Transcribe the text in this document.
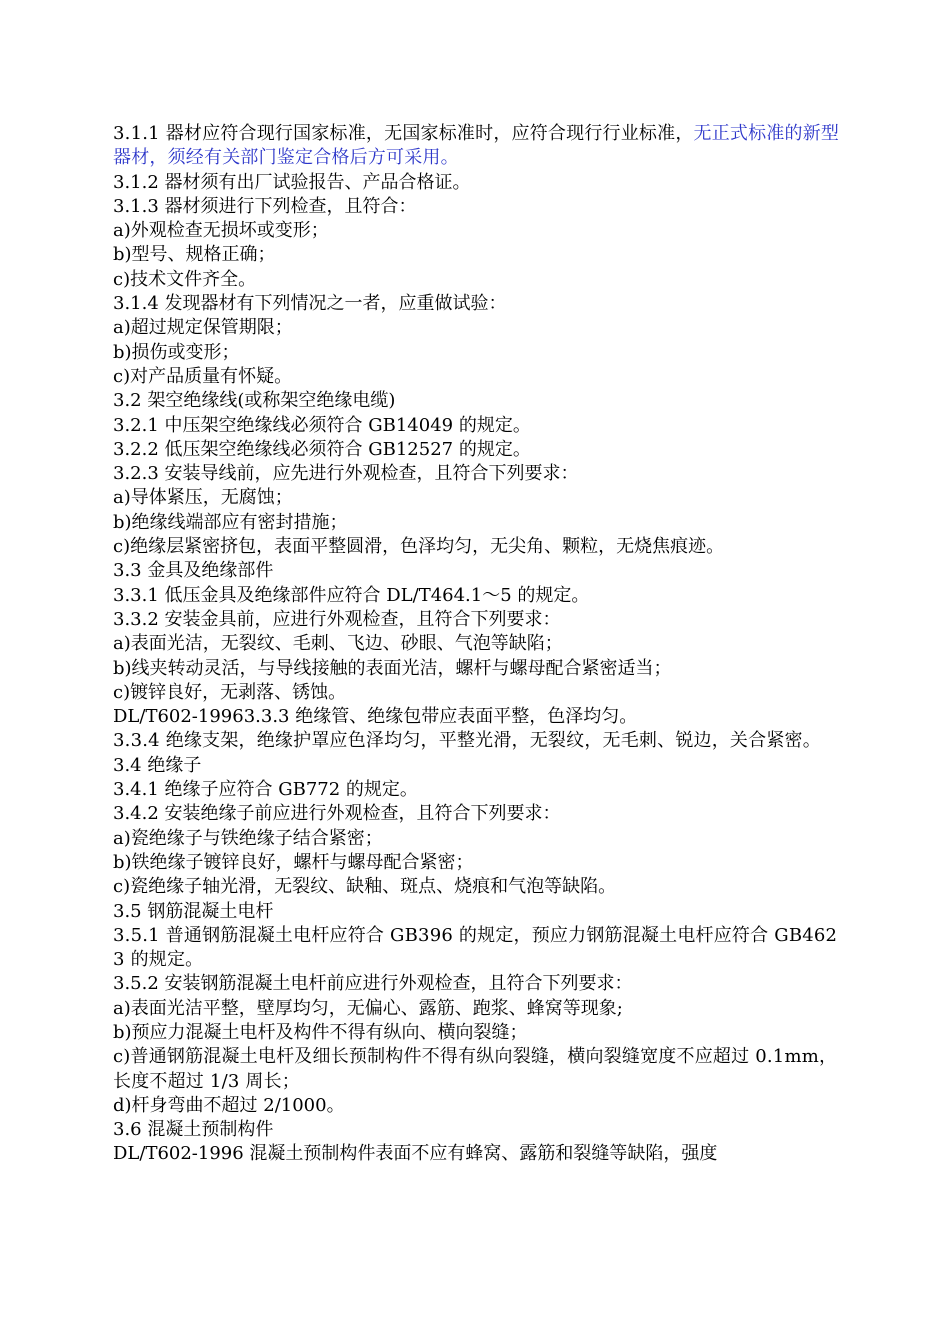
3.1.1 器材应符合现行国家标准，无国家标准时，应符合现行行业标准，无正式标准的新型器材，须经有关部门鉴定合格后方可采用。

3.1.2 器材须有出厂试验报告、产品合格证。

3.1.3 器材须进行下列检查，且符合：

a)外观检查无损坏或变形；

b)型号、规格正确；

c)技术文件齐全。

3.1.4 发现器材有下列情况之一者，应重做试验：

a)超过规定保管期限；

b)损伤或变形；

c)对产品质量有怀疑。

3.2 架空绝缘线(或称架空绝缘电缆)

3.2.1 中压架空绝缘线必须符合 GB14049 的规定。

3.2.2 低压架空绝缘线必须符合 GB12527 的规定。

3.2.3 安装导线前，应先进行外观检查，且符合下列要求：

a)导体紧压，无腐蚀；

b)绝缘线端部应有密封措施；

c)绝缘层紧密挤包，表面平整圆滑，色泽均匀，无尖角、颗粒，无烧焦痕迹。

3.3 金具及绝缘部件

3.3.1 低压金具及绝缘部件应符合 DL/T464.1～5 的规定。

3.3.2 安装金具前，应进行外观检查，且符合下列要求：

a)表面光洁，无裂纹、毛刺、飞边、砂眼、气泡等缺陷；

b)线夹转动灵活，与导线接触的表面光洁，螺杆与螺母配合紧密适当；

c)镀锌良好，无剥落、锈蚀。

DL/T602-19963.3.3 绝缘管、绝缘包带应表面平整，色泽均匀。

3.3.4 绝缘支架，绝缘护罩应色泽均匀，平整光滑，无裂纹，无毛刺、锐边，关合紧密。

3.4 绝缘子

3.4.1 绝缘子应符合 GB772 的规定。

3.4.2 安装绝缘子前应进行外观检查，且符合下列要求：

a)瓷绝缘子与铁绝缘子结合紧密；

b)铁绝缘子镀锌良好，螺杆与螺母配合紧密；

c)瓷绝缘子轴光滑，无裂纹、缺釉、斑点、烧痕和气泡等缺陷。

3.5 钢筋混凝土电杆

3.5.1 普通钢筋混凝土电杆应符合 GB396 的规定，预应力钢筋混凝土电杆应符合 GB4623 的规定。

3.5.2 安装钢筋混凝土电杆前应进行外观检查，且符合下列要求：

a)表面光洁平整，壁厚均匀，无偏心、露筋、跑浆、蜂窝等现象;

b)预应力混凝土电杆及构件不得有纵向、横向裂缝；

c)普通钢筋混凝土电杆及细长预制构件不得有纵向裂缝，横向裂缝宽度不应超过 0.1mm，长度不超过 1/3 周长；

d)杆身弯曲不超过 2/1000。

3.6 混凝土预制构件

DL/T602-1996 混凝土预制构件表面不应有蜂窝、露筋和裂缝等缺陷，强度
